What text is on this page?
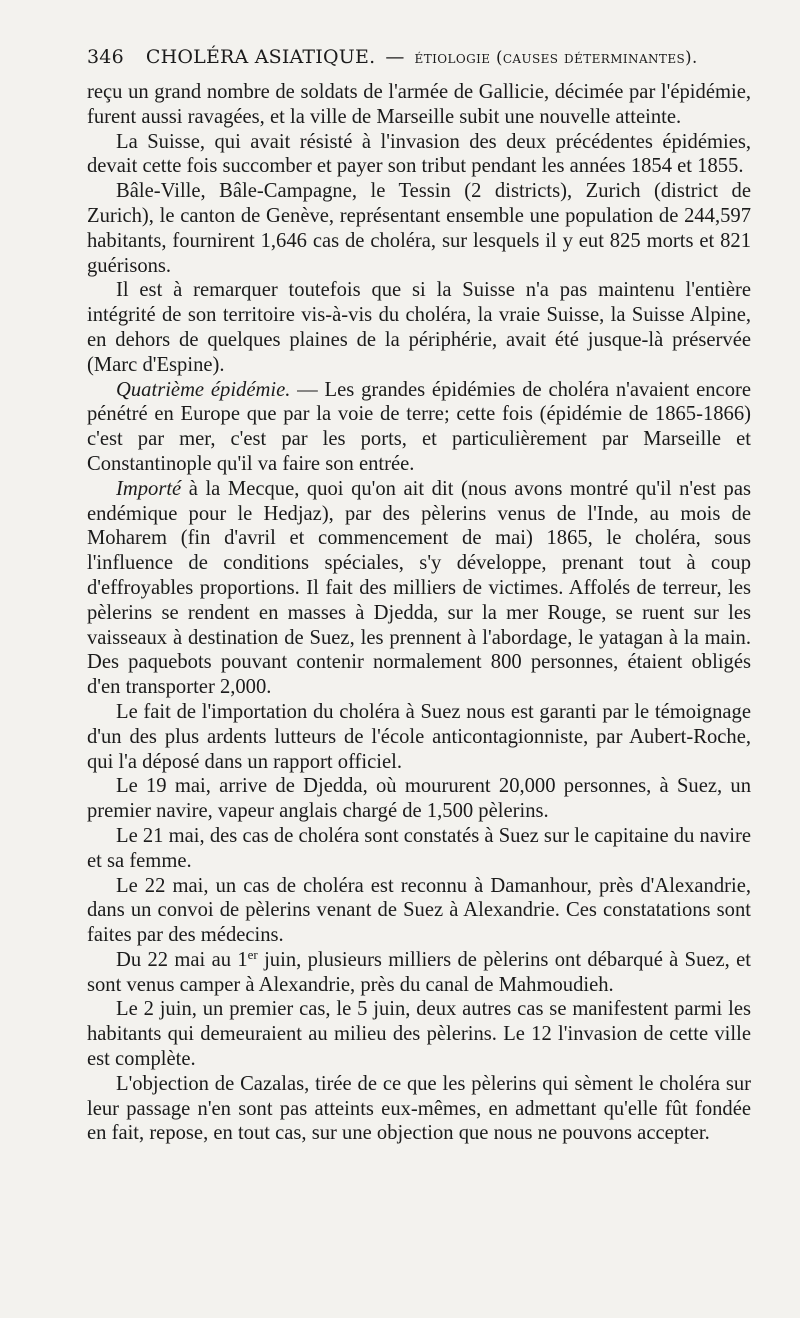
346 CHOLÉRA ASIATIQUE. — étiologie (causes déterminantes).

reçu un grand nombre de soldats de l'armée de Gallicie, décimée par l'épidémie, furent aussi ravagées, et la ville de Marseille subit une nouvelle atteinte.

La Suisse, qui avait résisté à l'invasion des deux précédentes épidémies, devait cette fois succomber et payer son tribut pendant les années 1854 et 1855.

Bâle-Ville, Bâle-Campagne, le Tessin (2 districts), Zurich (district de Zurich), le canton de Genève, représentant ensemble une population de 244,597 habitants, fournirent 1,646 cas de choléra, sur lesquels il y eut 825 morts et 821 guérisons.

Il est à remarquer toutefois que si la Suisse n'a pas maintenu l'entière intégrité de son territoire vis-à-vis du choléra, la vraie Suisse, la Suisse Alpine, en dehors de quelques plaines de la périphérie, avait été jusque-là préservée (Marc d'Espine).

Quatrième épidémie. — Les grandes épidémies de choléra n'avaient encore pénétré en Europe que par la voie de terre; cette fois (épidémie de 1865-1866) c'est par mer, c'est par les ports, et particulièrement par Marseille et Constantinople qu'il va faire son entrée.

Importé à la Mecque, quoi qu'on ait dit (nous avons montré qu'il n'est pas endémique pour le Hedjaz), par des pèlerins venus de l'Inde, au mois de Moharem (fin d'avril et commencement de mai) 1865, le choléra, sous l'influence de conditions spéciales, s'y développe, prenant tout à coup d'effroyables proportions. Il fait des milliers de victimes. Affolés de terreur, les pèlerins se rendent en masses à Djedda, sur la mer Rouge, se ruent sur les vaisseaux à destination de Suez, les prennent à l'abordage, le yatagan à la main. Des paquebots pouvant contenir normalement 800 personnes, étaient obligés d'en transporter 2,000.

Le fait de l'importation du choléra à Suez nous est garanti par le témoignage d'un des plus ardents lutteurs de l'école anticontagionniste, par Aubert-Roche, qui l'a déposé dans un rapport officiel.

Le 19 mai, arrive de Djedda, où moururent 20,000 personnes, à Suez, un premier navire, vapeur anglais chargé de 1,500 pèlerins.

Le 21 mai, des cas de choléra sont constatés à Suez sur le capitaine du navire et sa femme.

Le 22 mai, un cas de choléra est reconnu à Damanhour, près d'Alexandrie, dans un convoi de pèlerins venant de Suez à Alexandrie. Ces constatations sont faites par des médecins.

Du 22 mai au 1er juin, plusieurs milliers de pèlerins ont débarqué à Suez, et sont venus camper à Alexandrie, près du canal de Mahmoudieh.

Le 2 juin, un premier cas, le 5 juin, deux autres cas se manifestent parmi les habitants qui demeuraient au milieu des pèlerins. Le 12 l'invasion de cette ville est complète.

L'objection de Cazalas, tirée de ce que les pèlerins qui sèment le choléra sur leur passage n'en sont pas atteints eux-mêmes, en admettant qu'elle fût fondée en fait, repose, en tout cas, sur une objection que nous ne pouvons accepter.
